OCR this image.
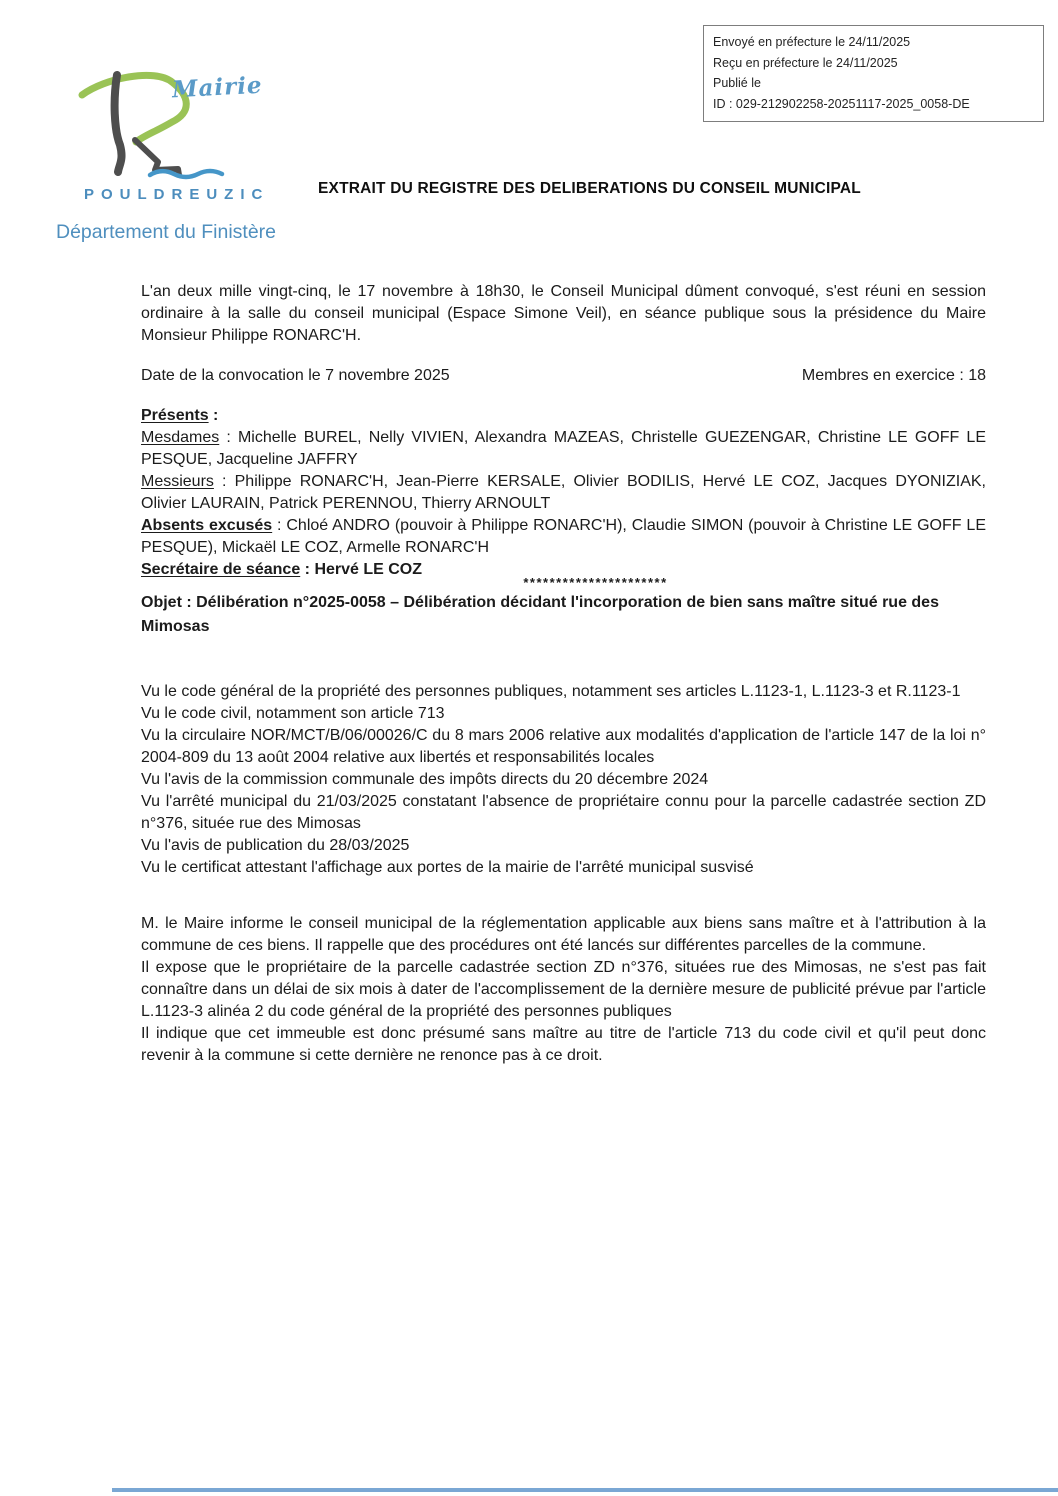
Envoyé en préfecture le 24/11/2025

Reçu en préfecture le 24/11/2025

Publié le

ID : 029-212902258-20251117-2025_0058-DE

Mairie
POULDREUZIC
Département du Finistère
EXTRAIT DU REGISTRE DES DELIBERATIONS DU CONSEIL MUNICIPAL

L'an deux mille vingt-cinq, le 17 novembre à 18h30, le Conseil Municipal dûment convoqué, s'est réuni en session ordinaire à la salle du conseil municipal (Espace Simone Veil), en séance publique sous la présidence du Maire Monsieur Philippe RONARC'H.

Date de la convocation le 7 novembre 2025	Membres en exercice : 18

Présents :

Mesdames : Michelle BUREL, Nelly VIVIEN, Alexandra MAZEAS, Christelle GUEZENGAR, Christine LE GOFF LE PESQUE, Jacqueline JAFFRY

Messieurs : Philippe RONARC'H, Jean-Pierre KERSALE, Olivier BODILIS, Hervé LE COZ, Jacques DYONIZIAK, Olivier LAURAIN, Patrick PERENNOU, Thierry ARNOULT

Absents excusés : Chloé ANDRO (pouvoir à Philippe RONARC'H), Claudie SIMON (pouvoir à Christine LE GOFF LE PESQUE), Mickaël LE COZ, Armelle RONARC'H

Secrétaire de séance : Hervé LE COZ

**********************

Objet : Délibération n°2025-0058 – Délibération décidant l'incorporation de bien sans maître situé rue des Mimosas

Vu le code général de la propriété des personnes publiques, notamment ses articles L.1123-1, L.1123-3 et R.1123-1

Vu le code civil, notamment son article 713

Vu la circulaire NOR/MCT/B/06/00026/C du 8 mars 2006 relative aux modalités d'application de l'article 147 de la loi n° 2004-809 du 13 août 2004 relative aux libertés et responsabilités locales

Vu l'avis de la commission communale des impôts directs du 20 décembre 2024

Vu l'arrêté municipal du 21/03/2025 constatant l'absence de propriétaire connu pour la parcelle cadastrée section ZD n°376, située rue des Mimosas

Vu l'avis de publication du 28/03/2025

Vu le certificat attestant l'affichage aux portes de la mairie de l'arrêté municipal susvisé

M. le Maire informe le conseil municipal de la réglementation applicable aux biens sans maître et à l'attribution à la commune de ces biens. Il rappelle que des procédures ont été lancés sur différentes parcelles de la commune.

Il expose que le propriétaire de la parcelle cadastrée section ZD n°376, situées rue des Mimosas, ne s'est pas fait connaître dans un délai de six mois à dater de l'accomplissement de la dernière mesure de publicité prévue par l'article L.1123-3 alinéa 2 du code général de la propriété des personnes publiques

Il indique que cet immeuble est donc présumé sans maître au titre de l'article 713 du code civil et qu'il peut donc revenir à la commune si cette dernière ne renonce pas à ce droit.
